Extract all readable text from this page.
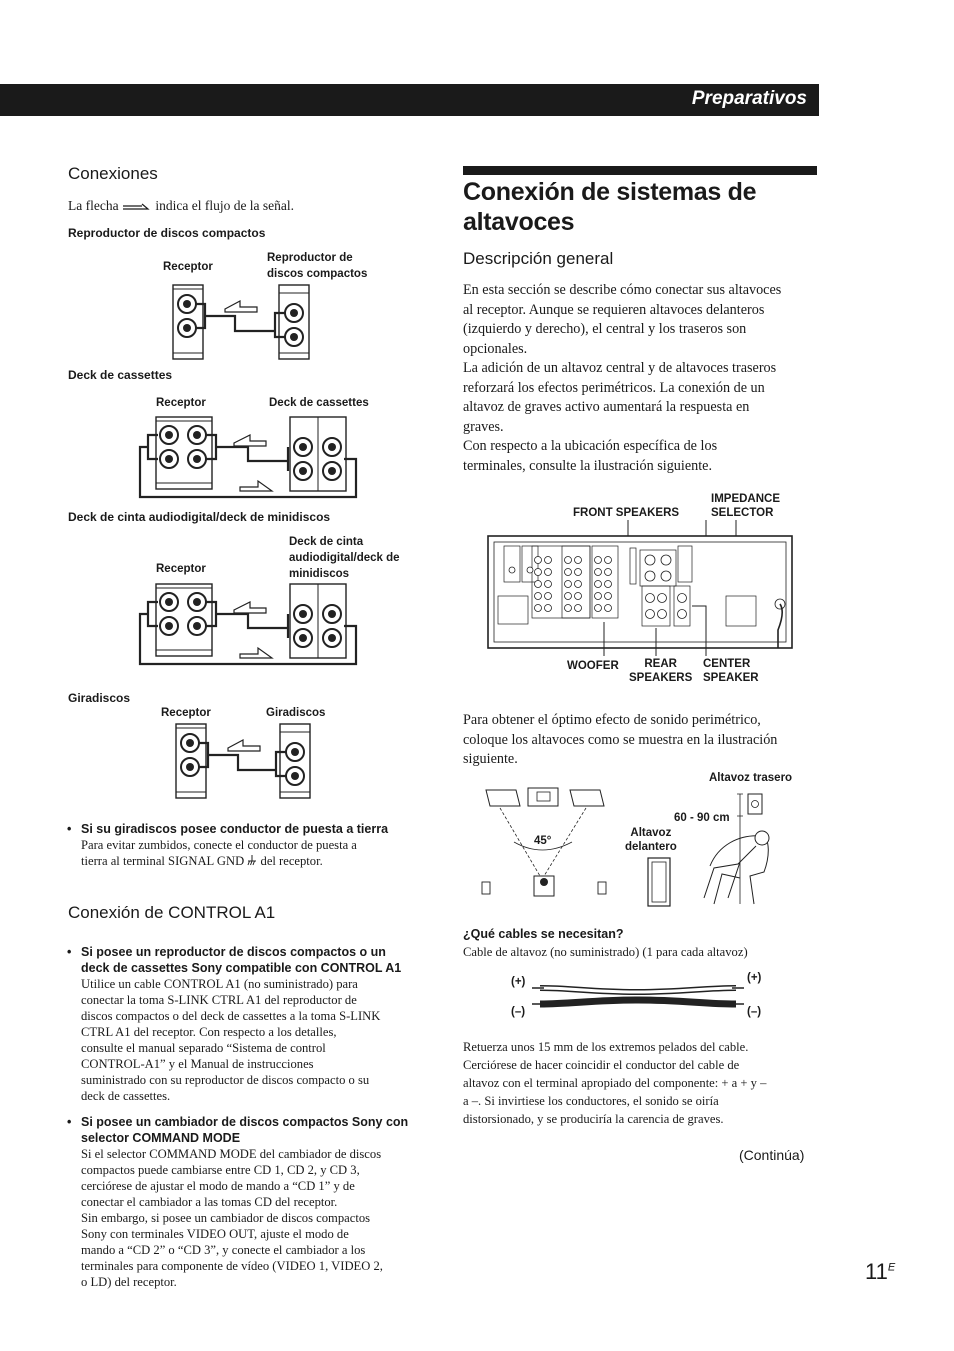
Preparativos
Conexiones
La flecha	indica el flujo de la señal.
Reproductor de discos compactos
Receptor
Reproductor de
discos compactos
Deck de cassettes
Receptor	Deck de cassettes
Deck de cinta audiodigital/deck de minidiscos
Receptor
Deck de cinta
audiodigital/deck de
minidiscos
Giradiscos
Receptor	Giradiscos
• Si su giradiscos posee conductor de puesta a tierra
Para evitar zumbidos, conecte el conductor de puesta a
tierra al terminal SIGNAL GND del receptor.
Conexión de CONTROL A1
• Si posee un reproductor de discos compactos o un
deck de cassettes Sony compatible con CONTROL A1
Utilice un cable CONTROL A1 (no suministrado) para
conectar la toma S-LINK CTRL A1 del reproductor de
discos compactos o del deck de cassettes a la toma S-LINK
CTRL A1 del receptor. Con respecto a los detalles,
consulte el manual separado “Sistema de control
CONTROL-A1” y el Manual de instrucciones
suministrado con su reproductor de discos compacto o su
deck de cassettes.
• Si posee un cambiador de discos compactos Sony con
selector COMMAND MODE
Si el selector COMMAND MODE del cambiador de discos
compactos puede cambiarse entre CD 1, CD 2, y CD 3,
cerciórese de ajustar el modo de mando a “CD 1” y de
conectar el cambiador a las tomas CD del receptor.
Sin embargo, si posee un cambiador de discos compactos
Sony con terminales VIDEO OUT, ajuste el modo de
mando a “CD 2” o “CD 3”, y conecte el cambiador a los
terminales para componente de vídeo (VIDEO 1, VIDEO 2,
o LD) del receptor.
Conexión de sistemas de
altavoces
Descripción general
En esta sección se describe cómo conectar sus altavoces
al receptor. Aunque se requieren altavoces delanteros
(izquierdo y derecho), el central y los traseros son
opcionales.
La adición de un altavoz central y de altavoces traseros
reforzará los efectos perimétricos. La conexión de un
altavoz de graves activo aumentará la respuesta en
graves.
Con respecto a la ubicación específica de los
terminales, consulte la ilustración siguiente.
FRONT SPEAKERS
IMPEDANCE
SELECTOR
WOOFER	REAR
SPEAKERS
CENTER
SPEAKER
Para obtener el óptimo efecto de sonido perimétrico,
coloque los altavoces como se muestra en la ilustración
siguiente.
Altavoz trasero
60 - 90 cm
45°
Altavoz
delantero
¿Qué cables se necesitan?
Cable de altavoz (no suministrado) (1 para cada altavoz)
(+)	(+)
(–)	(–)
Retuerza unos 15 mm de los extremos pelados del cable.
Cerciórese de hacer coincidir el conductor del cable de
altavoz con el terminal apropiado del componente: + a + y –
a –. Si invirtiese los conductores, el sonido se oiría
distorsionado, y se produciría la carencia de graves.
(Continúa)
$11^E$
